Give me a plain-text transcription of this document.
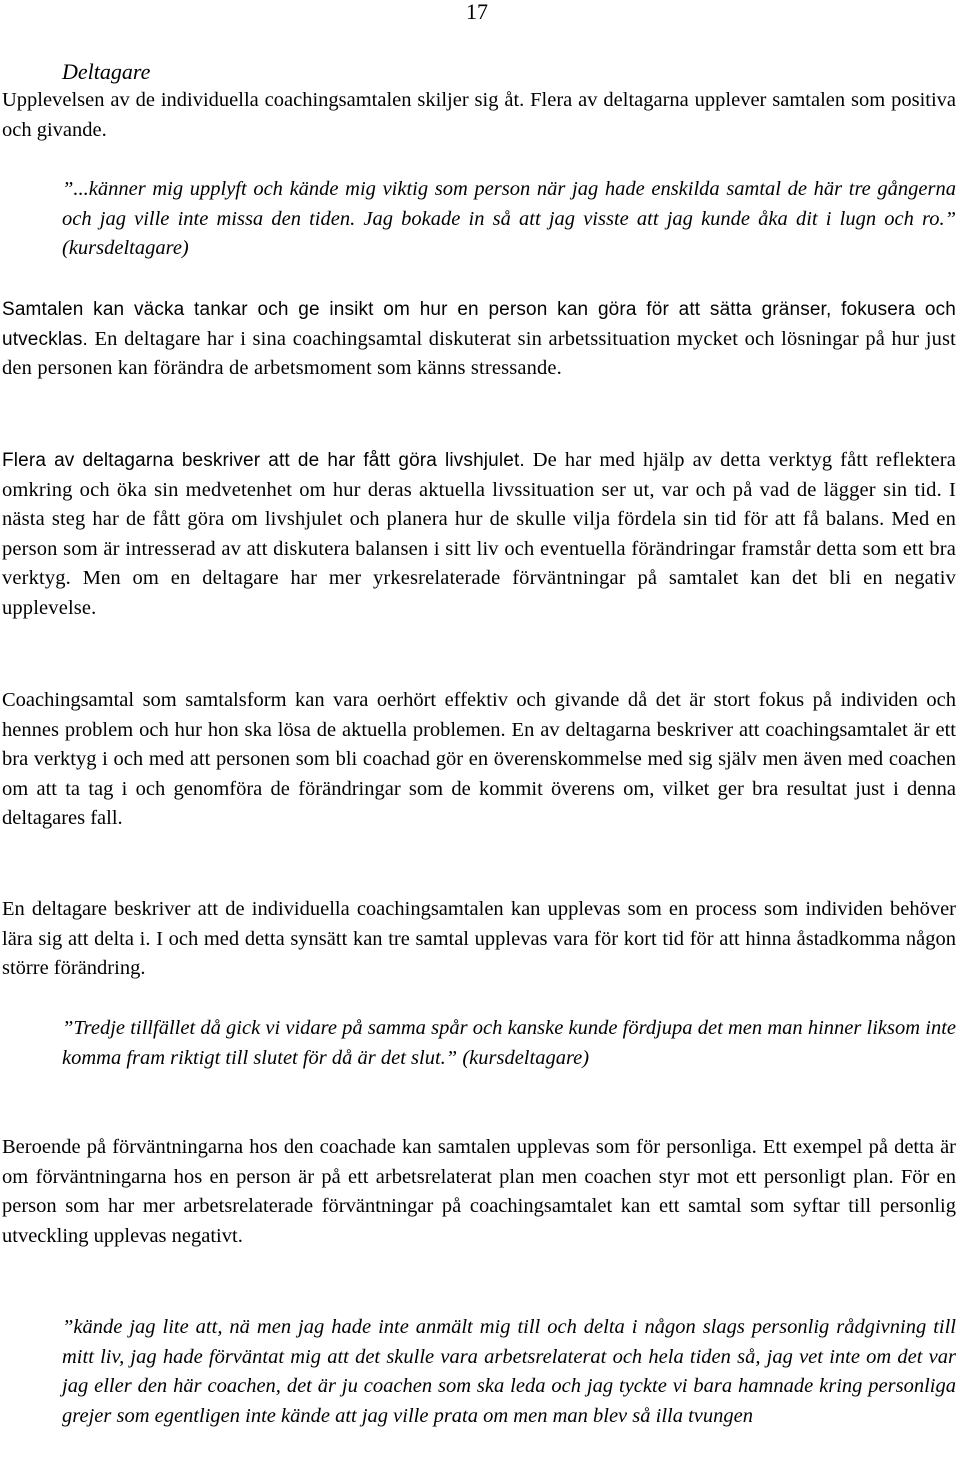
17
Deltagare

Upplevelsen av de individuella coachingsamtalen skiljer sig åt. Flera av deltagarna upplever samtalen som positiva och givande.

”...känner mig upplyft och kände mig viktig som person när jag hade enskilda samtal de här tre gångerna och jag ville inte missa den tiden. Jag bokade in så att jag visste att jag kunde åka dit i lugn och ro.” (kursdeltagare)

Samtalen kan väcka tankar och ge insikt om hur en person kan göra för att sätta gränser, fokusera och utvecklas. En deltagare har i sina coachingsamtal diskuterat sin arbetssituation mycket och lösningar på hur just den personen kan förändra de arbetsmoment som känns stressande.

Flera av deltagarna beskriver att de har fått göra livshjulet. De har med hjälp av detta verktyg fått reflektera omkring och öka sin medvetenhet om hur deras aktuella livssituation ser ut, var och på vad de lägger sin tid. I nästa steg har de fått göra om livshjulet och planera hur de skulle vilja fördela sin tid för att få balans. Med en person som är intresserad av att diskutera balansen i sitt liv och eventuella förändringar framstår detta som ett bra verktyg. Men om en deltagare har mer yrkesrelaterade förväntningar på samtalet kan det bli en negativ upplevelse.

Coachingsamtal som samtalsform kan vara oerhört effektiv och givande då det är stort fokus på individen och hennes problem och hur hon ska lösa de aktuella problemen. En av deltagarna beskriver att coachingsamtalet är ett bra verktyg i och med att personen som bli coachad gör en överenskommelse med sig själv men även med coachen om att ta tag i och genomföra de förändringar som de kommit överens om, vilket ger bra resultat just i denna deltagares fall.

En deltagare beskriver att de individuella coachingsamtalen kan upplevas som en process som individen behöver lära sig att delta i. I och med detta synsätt kan tre samtal upplevas vara för kort tid för att hinna åstadkomma någon större förändring.

”Tredje tillfället då gick vi vidare på samma spår och kanske kunde fördjupa det men man hinner liksom inte komma fram riktigt till slutet för då är det slut.” (kursdeltagare)

Beroende på förväntningarna hos den coachade kan samtalen upplevas som för personliga. Ett exempel på detta är om förväntningarna hos en person är på ett arbetsrelaterat plan men coachen styr mot ett personligt plan. För en person som har mer arbetsrelaterade förväntningar på coachingsamtalet kan ett samtal som syftar till personlig utveckling upplevas negativt.

”kände jag lite att, nä men jag hade inte anmält mig till och delta i någon slags personlig rådgivning till mitt liv, jag hade förväntat mig att det skulle vara arbetsrelaterat och hela tiden så, jag vet inte om det var jag eller den här coachen, det är ju coachen som ska leda och jag tyckte vi bara hamnade kring personliga grejer som egentligen inte kände att jag ville prata om men man blev så illa tvungen
